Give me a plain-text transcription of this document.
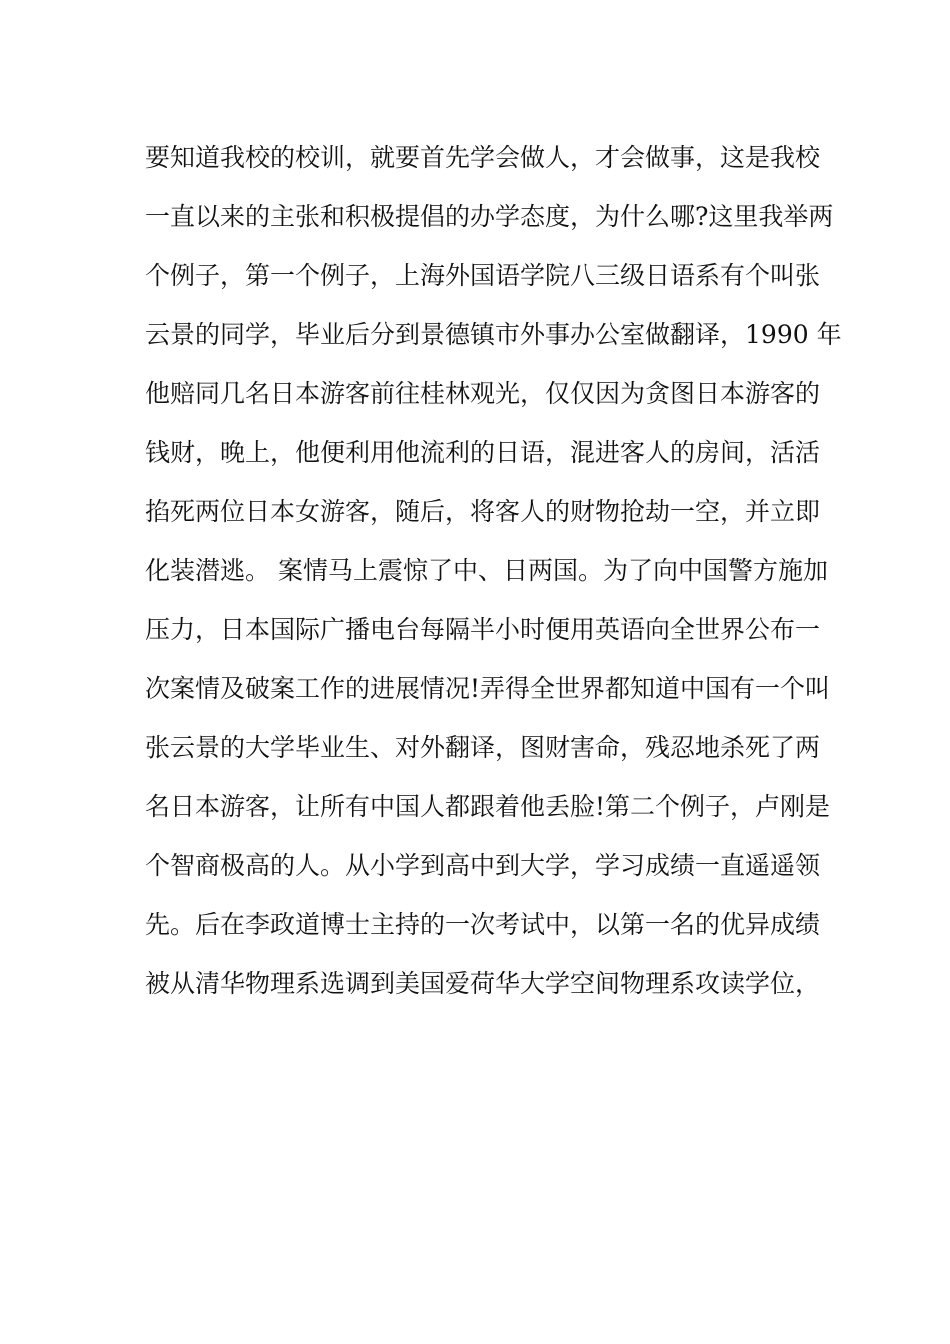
要知道我校的校训，就要首先学会做人，才会做事，这是我校
一直以来的主张和积极提倡的办学态度，为什么哪?这里我举两
个例子，第一个例子，上海外国语学院八三级日语系有个叫张
云景的同学，毕业后分到景德镇市外事办公室做翻译，1990 年
他赔同几名日本游客前往桂林观光，仅仅因为贪图日本游客的
钱财，晚上，他便利用他流利的日语，混进客人的房间，活活
掐死两位日本女游客，随后，将客人的财物抢劫一空，并立即
化装潜逃。 案情马上震惊了中、日两国。为了向中国警方施加
压力，日本国际广播电台每隔半小时便用英语向全世界公布一
次案情及破案工作的进展情况!弄得全世界都知道中国有一个叫
张云景的大学毕业生、对外翻译，图财害命，残忍地杀死了两
名日本游客，让所有中国人都跟着他丢脸!第二个例子，卢刚是
个智商极高的人。从小学到高中到大学，学习成绩一直遥遥领
先。后在李政道博士主持的一次考试中，以第一名的优异成绩
被从清华物理系选调到美国爱荷华大学空间物理系攻读学位，
